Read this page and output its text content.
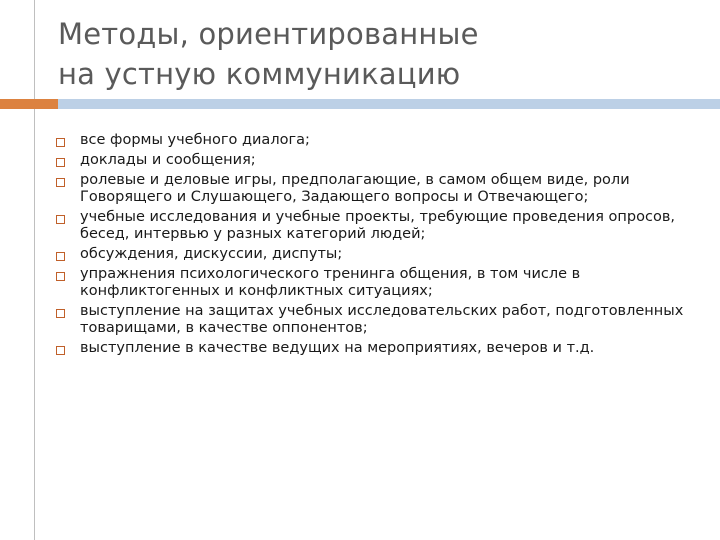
Методы, ориентированные
на устную коммуникацию
все формы учебного диалога;
доклады и сообщения;
ролевые и деловые игры, предполагающие, в самом общем виде, роли Говорящего и Слушающего, Задающего вопросы и Отвечающего;
учебные исследования и учебные проекты, требующие проведения опросов, бесед, интервью у разных категорий людей;
обсуждения, дискуссии, диспуты;
упражнения психологического тренинга общения, в том числе в конфликтогенных и конфликтных ситуациях;
выступление на защитах учебных исследовательских работ, подготовленных товарищами, в качестве оппонентов;
выступление в качестве ведущих на мероприятиях, вечеров и т.д.
